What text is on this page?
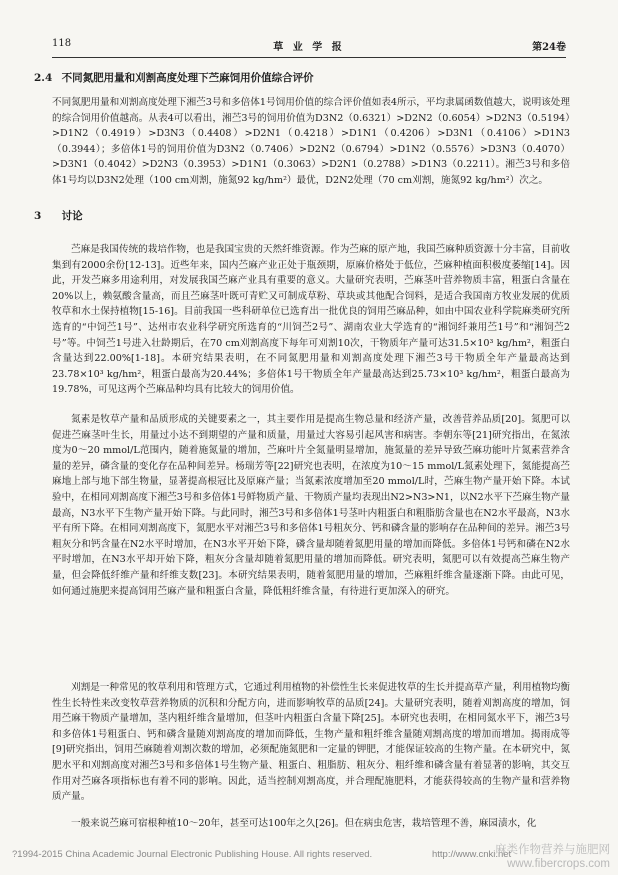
118	草 业 学 报	第24卷
2.4 不同氮肥用量和刈割高度处理下苎麻饲用价值综合评价

不同氮肥用量和刈割高度处理下湘苎3号和多倍体1号饲用价值的综合评价值如表4所示，平均隶属函数值越大，说明该处理的综合饲用价值越高。从表4可以看出，湘苎3号的饲用价值为D3N2（0.6321）>D2N2（0.6054）>D2N3（0.5194）>D1N2（0.4919）>D3N3（0.4408）>D2N1（0.4218）>D1N1（0.4206）>D3N1（0.4106）>D1N3（0.3944）；多倍体1号的饲用价值为D3N2（0.7406）>D2N2（0.6794）>D1N2（0.5576）>D3N3（0.4070）>D3N1（0.4042）>D2N3（0.3953）>D1N1（0.3063）>D2N1（0.2788）>D1N3（0.2211）。湘苎3号和多倍体1号均以D3N2处理（100 cm刈割，施氮92 kg/hm²）最优，D2N2处理（70 cm刈割，施氮92 kg/hm²）次之。

3 讨论

苎麻是我国传统的栽培作物，也是我国宝贵的天然纤维资源。作为苎麻的原产地，我国苎麻种质资源十分丰富，目前收集到有2000余份[12-13]。近些年来，国内苎麻产业正处于瓶颈期，原麻价格处于低位，苎麻种植面积极度萎缩[14]。因此，开发苎麻多用途利用，对发展我国苎麻产业具有重要的意义。大量研究表明，苎麻茎叶营养物质丰富，粗蛋白含量在20%以上，赖氨酸含量高，而且苎麻茎叶既可青贮又可制成草粉、草块或其他配合饲料，是适合我国南方牧业发展的优质牧草和水土保持植物[15-16]。目前我国一些科研单位已选育出一批优良的饲用苎麻品种，如由中国农业科学院麻类研究所选育的“中饲苎1号”、达州市农业科学研究所选育的“川饲苎2号”、湖南农业大学选育的“湘饲纤兼用苎1号”和“湘饲苎2号”等。中饲苎1号进入壮龄期后，在70 cm刈割高度下每年可刈割10次，干物质年产量可达31.5×10³ kg/hm²，粗蛋白含量达到22.00%[1-18]。本研究结果表明，在不同氮肥用量和刈割高度处理下湘苎3号干物质全年产量最高达到23.78×10³ kg/hm²，粗蛋白最高为20.44%；多倍体1号干物质全年产量最高达到25.73×10³ kg/hm²，粗蛋白最高为19.78%，可见这两个苎麻品种均具有比较大的饲用价值。

氮素是牧草产量和品质形成的关键要素之一，其主要作用是提高生物总量和经济产量，改善营养品质[20]。氮肥可以促进苎麻茎叶生长，用量过小达不到期望的产量和质量，用量过大容易引起风害和病害。李朝东等[21]研究指出，在氮浓度为0～20 mmol/L范围内，随着施氮量的增加，苎麻叶片全氮量明显增加，施氮量的差异导致苎麻功能叶片氮素营养含量的差异，磷含量的变化存在品种间差异。杨瑞芳等[22]研究也表明，在浓度为10～15 mmol/L氮素处理下，氮能提高苎麻地上部与地下部生物量，显著提高根冠比及原麻产量；当氮素浓度增加至20 mmol/L时，苎麻生物产量开始下降。本试验中，在相同刈割高度下湘苎3号和多倍体1号鲜物质产量、干物质产量均表现出N2>N3>N1，以N2水平下苎麻生物产量最高，N3水平下生物产量开始下降。与此同时，湘苎3号和多倍体1号茎叶内粗蛋白和粗脂肪含量也在N2水平最高，N3水平有所下降。在相同刈割高度下，氮肥水平对湘苎3号和多倍体1号粗灰分、钙和磷含量的影响存在品种间的差异。湘苎3号粗灰分和钙含量在N2水平时增加，在N3水平开始下降，磷含量却随着氮肥用量的增加而降低。多倍体1号钙和磷在N2水平时增加，在N3水平却开始下降，粗灰分含量却随着氮肥用量的增加而降低。研究表明，氮肥可以有效提高苎麻生物产量，但会降低纤维产量和纤维支数[23]。本研究结果表明，随着氮肥用量的增加，苎麻粗纤维含量逐渐下降。由此可见，如何通过施肥来提高饲用苎麻产量和粗蛋白含量，降低粗纤维含量，有待进行更加深入的研究。

刈割是一种常见的牧草利用和管理方式，它通过利用植物的补偿性生长来促进牧草的生长并提高草产量，利用植物均衡性生长特性来改变牧草营养物质的沉积和分配方向，进而影响牧草的品质[24]。大量研究表明，随着刈割高度的增加，饲用苎麻干物质产量增加，茎内粗纤维含量增加，但茎叶内粗蛋白含量下降[25]。本研究也表明，在相同氮水平下，湘苎3号和多倍体1号粗蛋白、钙和磷含量随刈割高度的增加而降低，生物产量和粗纤维含量随刈割高度的增加而增加。揭雨成等[9]研究指出，饲用苎麻随着刈割次数的增加，必须配施氮肥和一定量的钾肥，才能保证较高的生物产量。在本研究中，氮肥水平和刈割高度对湘苎3号和多倍体1号生物产量、粗蛋白、粗脂肪、粗灰分、粗纤维和磷含量有着显著的影响，其交互作用对苎麻各项指标也有着不同的影响。因此，适当控制刈割高度，并合理配施肥料，才能获得较高的生物产量和营养物质产量。

一般来说苎麻可宿根种植10～20年，甚至可达100年之久[26]。但在病虫危害，栽培管理不善，麻园渍水，化

?1994-2015 China Academic Journal Electronic Publishing House. All rights reserved.	http://www.cnki.net
麻类作物营养与施肥网
www.fibercrops.com
